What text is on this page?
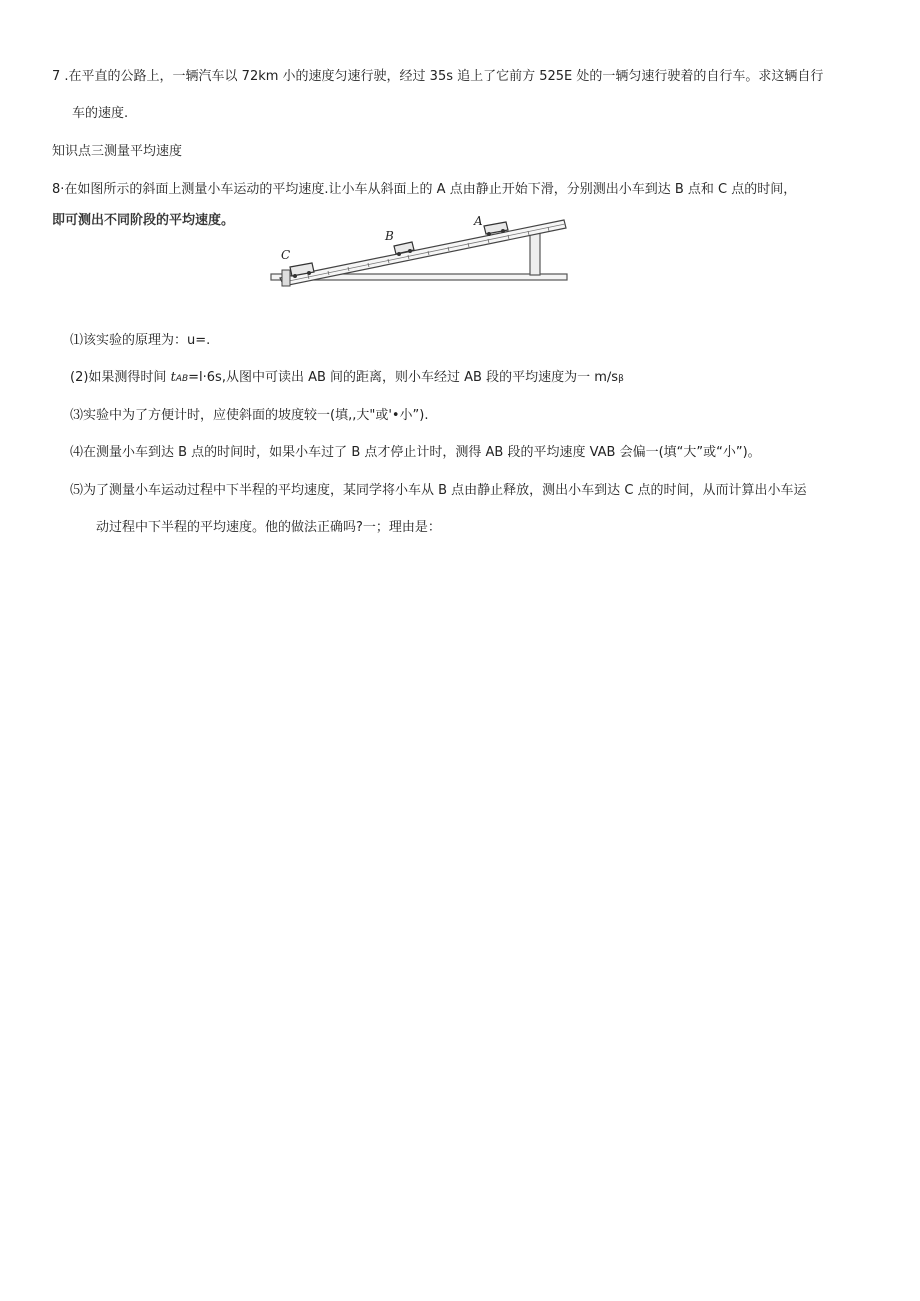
7 .在平直的公路上，一辆汽车以 72km 小的速度匀速行驶，经过 35s 追上了它前方 525E 处的一辆匀速行驶着的自行车。求这辆自行
车的速度.
知识点三测量平均速度
8·在如图所示的斜面上测量小车运动的平均速度.让小车从斜面上的 A 点由静止开始下滑，分别测出小车到达 B 点和 C 点的时间，
即可测出不同阶段的平均速度。	A
B
C
⑴该实验的原理为：u=.
(2)如果测得时间 tAB=l·6s,从图中可读出 AB 间的距离，则小车经过 AB 段的平均速度为一 m∕sβ
⑶实验中为了方便计时，应使斜面的坡度较一(填,,大"或'•小”).
⑷在测量小车到达 B 点的时间时，如果小车过了 B 点才停止计时，测得 AB 段的平均速度 VAB 会偏一(填“大”或“小”)。
⑸为了测量小车运动过程中下半程的平均速度，某同学将小车从 B 点由静止释放，测出小车到达 C 点的时间，从而计算出小车运
动过程中下半程的平均速度。他的做法正确吗?一；理由是：
